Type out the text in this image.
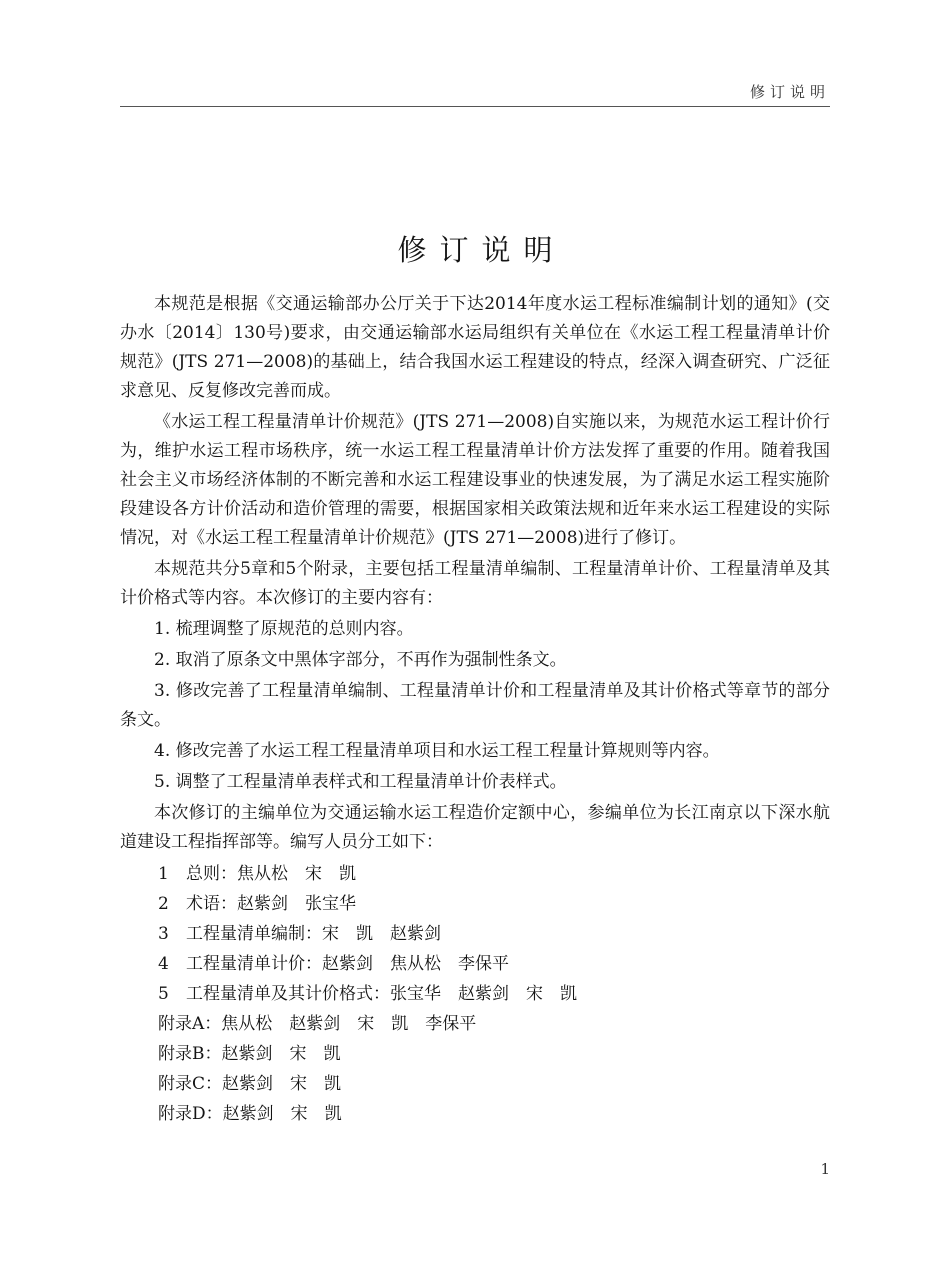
修订说明
修订说明

本规范是根据《交通运输部办公厅关于下达2014年度水运工程标准编制计划的通知》(交办水〔2014〕130号)要求，由交通运输部水运局组织有关单位在《水运工程工程量清单计价规范》(JTS 271—2008)的基础上，结合我国水运工程建设的特点，经深入调查研究、广泛征求意见、反复修改完善而成。

《水运工程工程量清单计价规范》(JTS 271—2008)自实施以来，为规范水运工程计价行为，维护水运工程市场秩序，统一水运工程工程量清单计价方法发挥了重要的作用。随着我国社会主义市场经济体制的不断完善和水运工程建设事业的快速发展，为了满足水运工程实施阶段建设各方计价活动和造价管理的需要，根据国家相关政策法规和近年来水运工程建设的实际情况，对《水运工程工程量清单计价规范》(JTS 271—2008)进行了修订。

本规范共分5章和5个附录，主要包括工程量清单编制、工程量清单计价、工程量清单及其计价格式等内容。本次修订的主要内容有：

1. 梳理调整了原规范的总则内容。

2. 取消了原条文中黑体字部分，不再作为强制性条文。

3. 修改完善了工程量清单编制、工程量清单计价和工程量清单及其计价格式等章节的部分条文。

4. 修改完善了水运工程工程量清单项目和水运工程工程量计算规则等内容。

5. 调整了工程量清单表样式和工程量清单计价表样式。

本次修订的主编单位为交通运输水运工程造价定额中心，参编单位为长江南京以下深水航道建设工程指挥部等。编写人员分工如下：

1 总则：焦从松　宋　凯
2 术语：赵紫剑　张宝华
3 工程量清单编制：宋　凯　赵紫剑
4 工程量清单计价：赵紫剑　焦从松　李保平
5 工程量清单及其计价格式：张宝华　赵紫剑　宋　凯
附录A：焦从松　赵紫剑　宋　凯　李保平
附录B：赵紫剑　宋　凯
附录C：赵紫剑　宋　凯
附录D：赵紫剑　宋　凯
1
